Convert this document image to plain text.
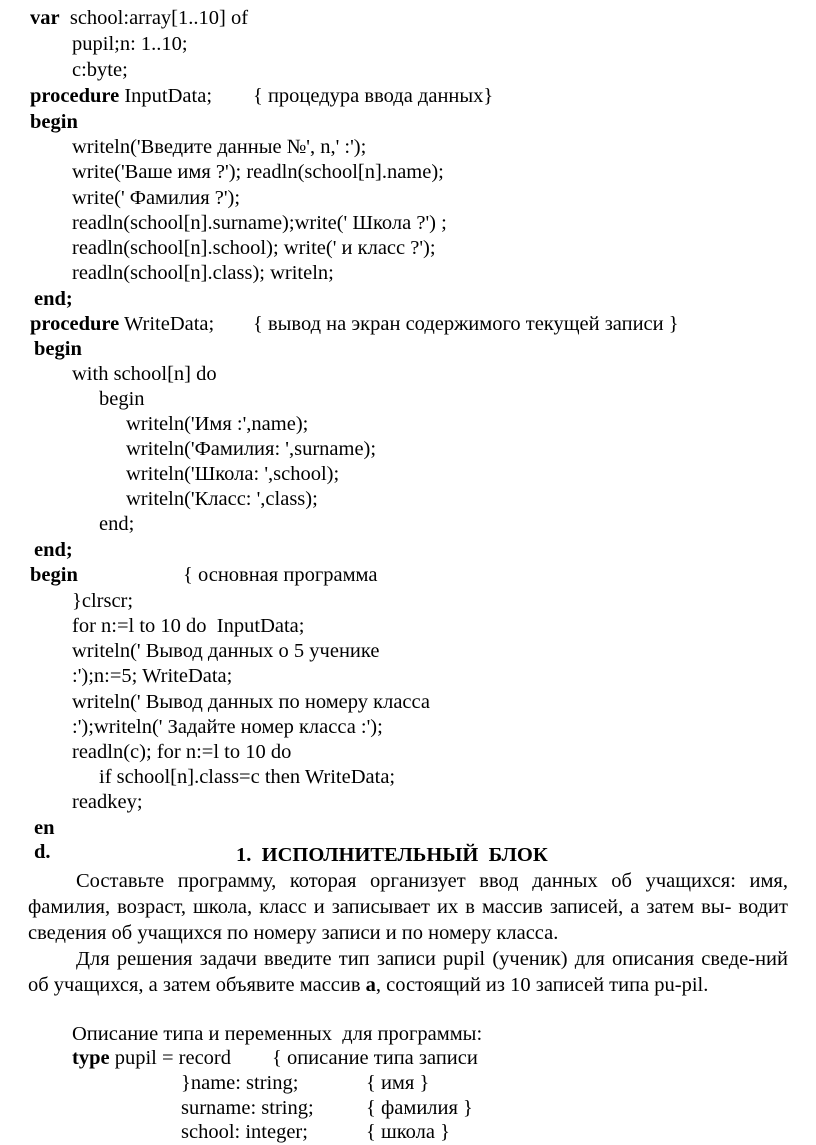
var school:array[1..10] of
pupil;n: 1..10;
c:byte;
procedure InputData; { процедура ввода данных}
begin
writeln('Введите данные №', n,' :');
write('Ваше имя ?'); readln(school[n].name);
write(' Фамилия ?');
readln(school[n].surname);write(' Школа ?') ;
readln(school[n].school); write(' и класс ?');
readln(school[n].class); writeln;
end;
procedure WriteData; { вывод на экран содержимого текущей записи }
begin
with school[n] do
begin
writeln('Имя :',name);
writeln('Фамилия: ',surname);
writeln('Школа: ',school);
writeln('Класс: ',class);
end;
end;
begin	{ основная программа
}clrscr;
for n:=l to 10 do  InputData;
writeln(' Вывод данных о 5 ученике
:');n:=5; WriteData;
writeln(' Вывод данных по номеру класса
:');writeln(' Задайте номер класса :');
readln(c); for n:=l to 10 do
if school[n].class=c then WriteData;
readkey;
en
d.	1.  ИСПОЛНИТЕЛЬНЫЙ  БЛОК
Составьте программу, которая организует ввод данных об учащихся: имя, фамилия, возраст, школа, класс и записывает их в массив записей, а затем вы- водит сведения об учащихся по номеру записи и по номеру класса.
Для решения задачи введите тип записи pupil (ученик) для описания сведе-ний об учащихся, а затем объявите массив а, состоящий из 10 записей типа pu-pil.
Описание типа и переменных  для программы:
type pupil = record { описание типа записи
}name: string;	{ имя }
surname: string;	{ фамилия }
school: integer;	{ школа }
